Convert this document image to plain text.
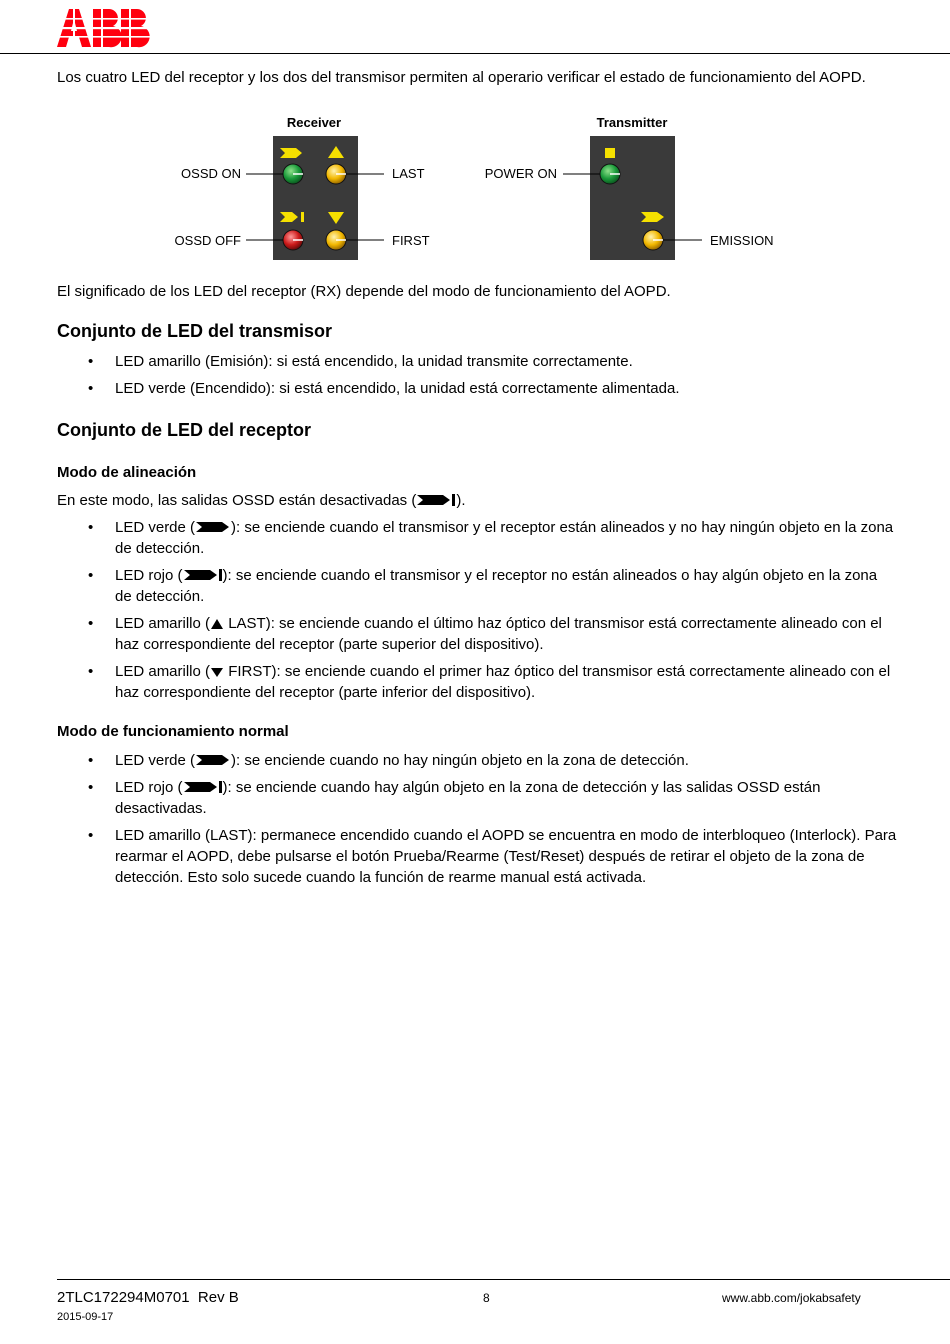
Los cuatro LED del receptor y los dos del transmisor permiten al operario verificar el estado de funcionamiento del AOPD.
Receiver
OSSD ON	LAST
OSSD OFF	FIRST
Transmitter
POWER ON
EMISSION
El significado de los LED del receptor (RX) depende del modo de funcionamiento del AOPD.
Conjunto de LED del transmisor
• LED amarillo (Emisión): si está encendido, la unidad transmite correctamente.
• LED verde (Encendido): si está encendido, la unidad está correctamente alimentada.
Conjunto de LED del receptor
Modo de alineación
En este modo, las salidas OSSD están desactivadas (	).
• LED verde ( ): se enciende cuando el transmisor y el receptor están alineados y no hay ningún objeto en la zona de detección.
• LED rojo (	): se enciende cuando el transmisor y el receptor no están alineados o hay algún objeto en la zona de detección.
• LED amarillo ( LAST): se enciende cuando el último haz óptico del transmisor está correctamente alineado con el haz correspondiente del receptor (parte superior del dispositivo).
• LED amarillo ( FIRST): se enciende cuando el primer haz óptico del transmisor está correctamente alineado con el haz correspondiente del receptor (parte inferior del dispositivo).
Modo de funcionamiento normal
• LED verde ( ): se enciende cuando no hay ningún objeto en la zona de detección.
• LED rojo (	): se enciende cuando hay algún objeto en la zona de detección y las salidas OSSD están desactivadas.
• LED amarillo (LAST): permanece encendido cuando el AOPD se encuentra en modo de interbloqueo (Interlock). Para rearmar el AOPD, debe pulsarse el botón Prueba/Rearme (Test/Reset) después de retirar el objeto de la zona de detección. Esto solo sucede cuando la función de rearme manual está activada.
2TLC172294M0701  Rev B
2015-09-17
8	www.abb.com/jokabsafety
